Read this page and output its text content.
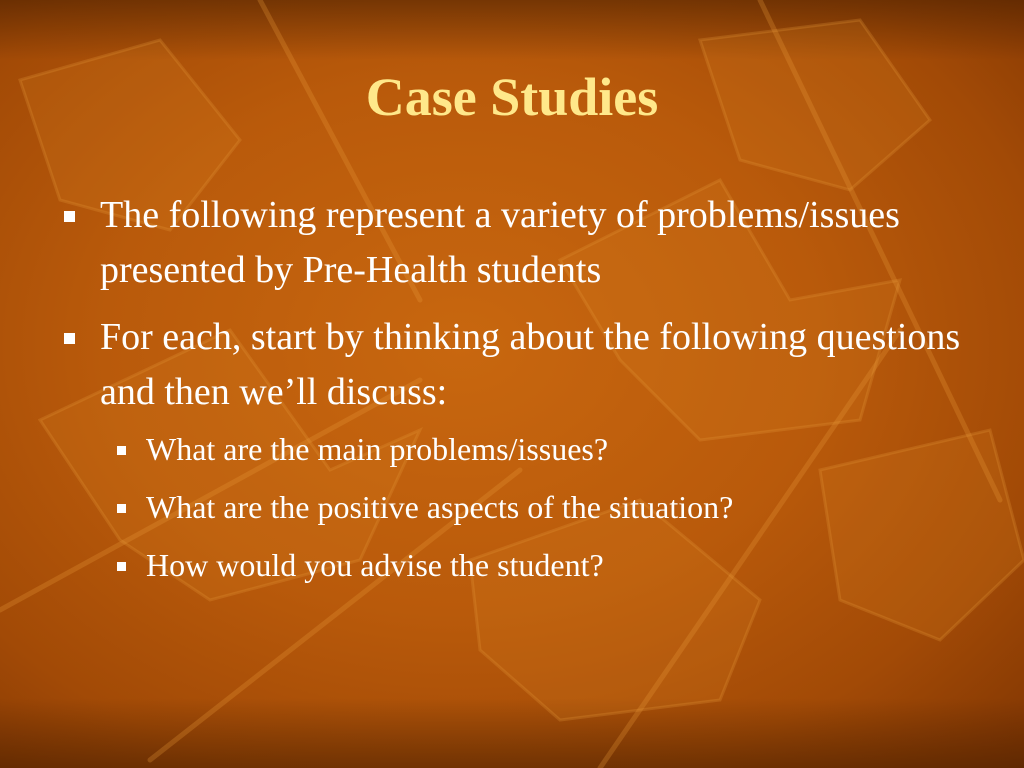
Case Studies
The following represent a variety of problems/issues presented by Pre-Health students
For each, start by thinking about the following questions and then we’ll discuss:
What are the main problems/issues?
What are the positive aspects of the situation?
How would you advise the student?
